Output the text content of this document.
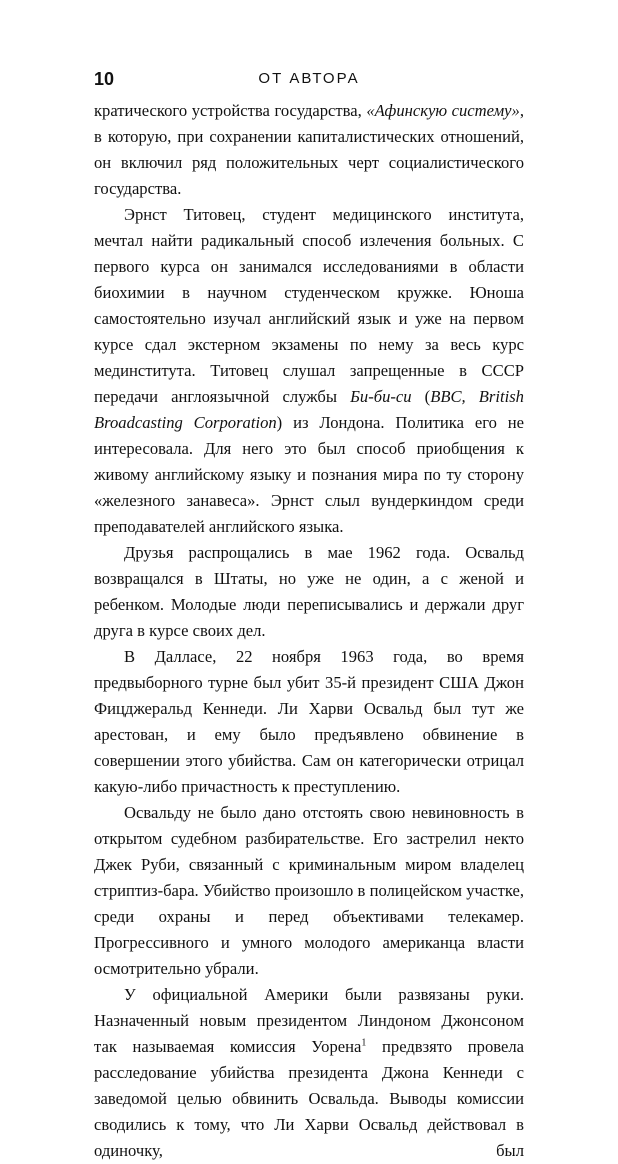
10	ОТ АВТОРА

кратического устройства государства, «Афинскую систему», в которую, при сохранении капиталистических отношений, он включил ряд положительных черт социалистического государства.

Эрнст Титовец, студент медицинского института, мечтал найти радикальный способ излечения больных. С первого курса он занимался исследованиями в области биохимии в научном студенческом кружке. Юноша самостоятельно изучал английский язык и уже на первом курсе сдал экстерном экзамены по нему за весь курс мединститута. Титовец слушал запрещенные в СССР передачи англоязычной службы Би-би-си (BBC, British Broadcasting Corporation) из Лондона. Политика его не интересовала. Для него это был способ приобщения к живому английскому языку и познания мира по ту сторону «железного занавеса». Эрнст слыл вундеркиндом среди преподавателей английского языка.

Друзья распрощались в мае 1962 года. Освальд возвращался в Штаты, но уже не один, а с женой и ребенком. Молодые люди переписывались и держали друг друга в курсе своих дел.

В Далласе, 22 ноября 1963 года, во время предвыборного турне был убит 35-й президент США Джон Фицджеральд Кеннеди. Ли Харви Освальд был тут же арестован, и ему было предъявлено обвинение в совершении этого убийства. Сам он категорически отрицал какую-либо причастность к преступлению.

Освальду не было дано отстоять свою невиновность в открытом судебном разбирательстве. Его застрелил некто Джек Руби, связанный с криминальным миром владелец стриптиз-бара. Убийство произошло в полицейском участке, среди охраны и перед объективами телекамер. Прогрессивного и умного молодого американца власти осмотрительно убрали.

У официальной Америки были развязаны руки. Назначенный новым президентом Линдоном Джонсоном так называемая комиссия Уорена$^1$ предвзято провела расследование убийства президента Джона Кеннеди с заведомой целью обвинить Освальда. Выводы комиссии сводились к тому, что Ли Харви Освальд действовал в одиночку, был
